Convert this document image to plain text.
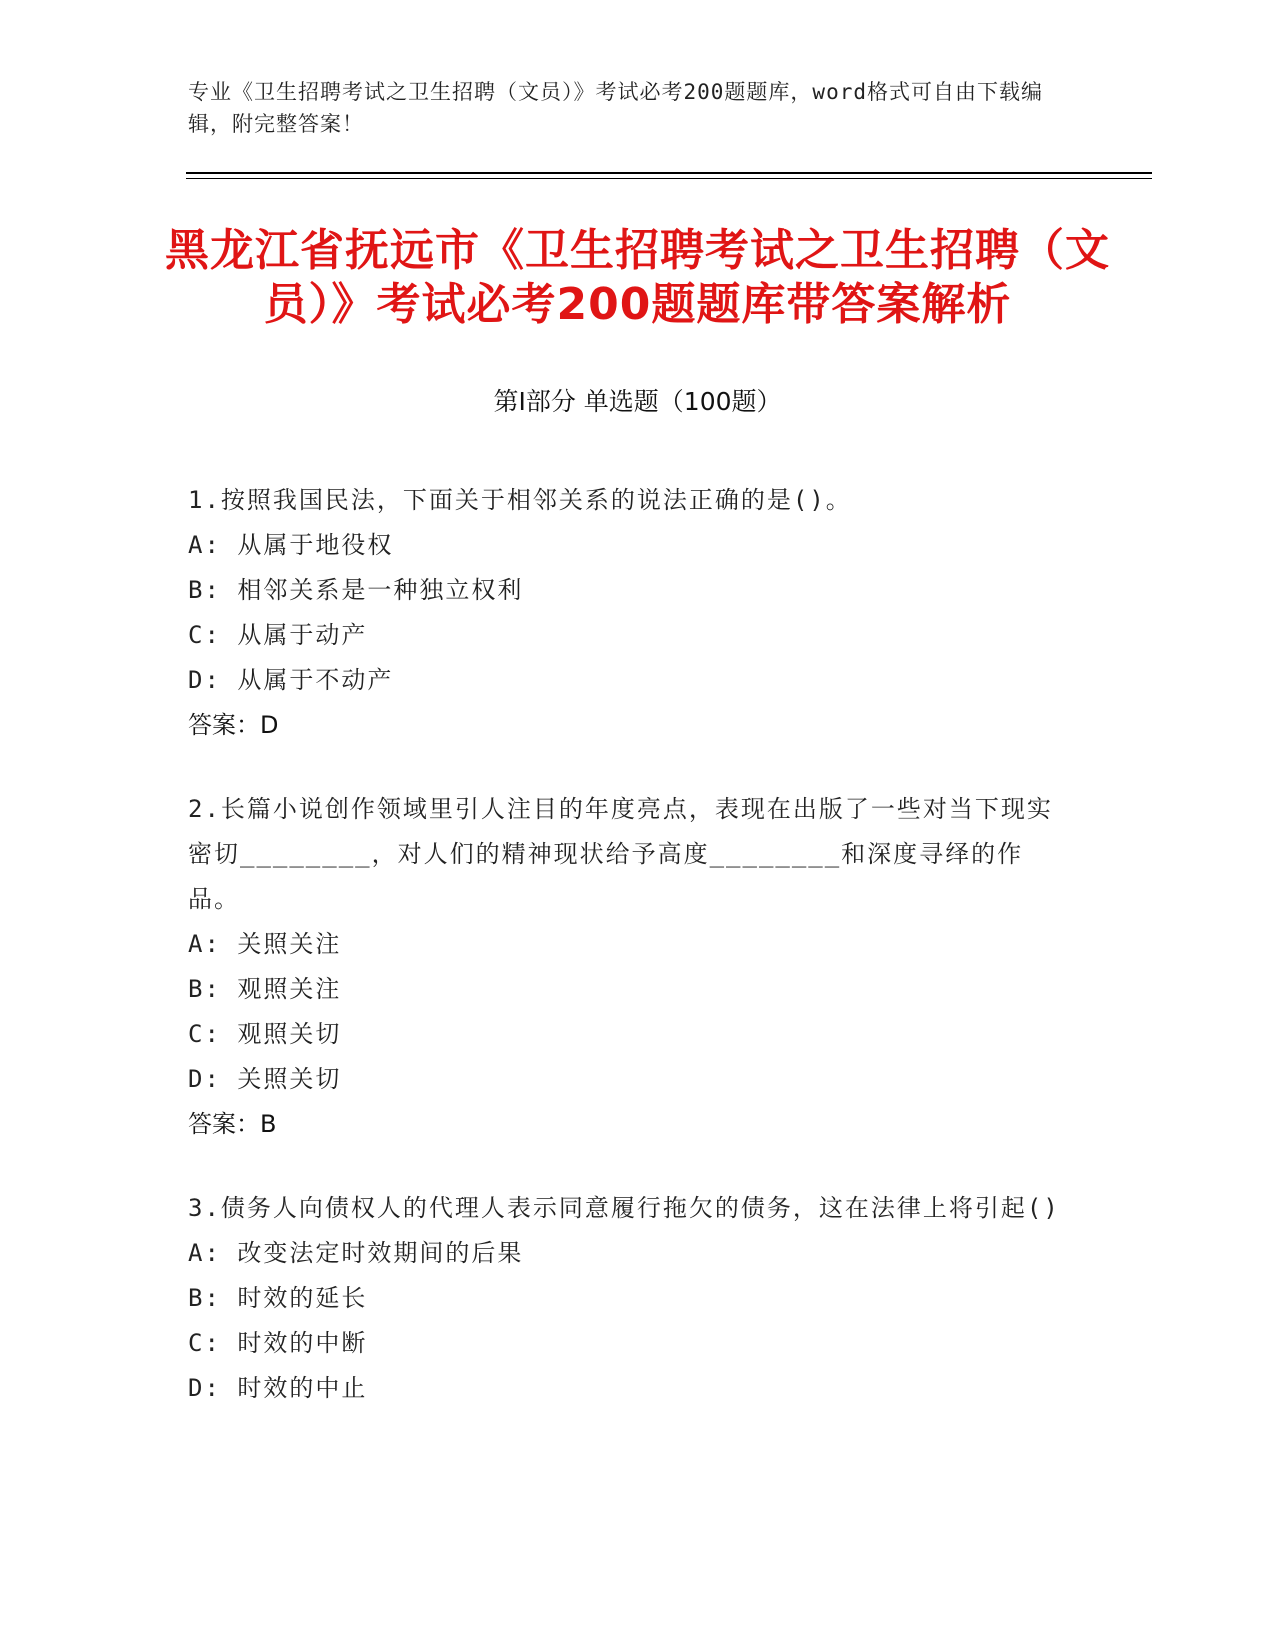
专业《卫生招聘考试之卫生招聘（文员）》考试必考200题题库，word格式可自由下载编辑，附完整答案！
黑龙江省抚远市《卫生招聘考试之卫生招聘（文员）》考试必考200题题库带答案解析
第I部分 单选题（100题）
1.按照我国民法，下面关于相邻关系的说法正确的是()。
A: 从属于地役权
B: 相邻关系是一种独立权利
C: 从属于动产
D: 从属于不动产
答案：D
2.长篇小说创作领域里引人注目的年度亮点，表现在出版了一些对当下现实密切________，对人们的精神现状给予高度________和深度寻绎的作品。
A: 关照关注
B: 观照关注
C: 观照关切
D: 关照关切
答案：B
3.债务人向债权人的代理人表示同意履行拖欠的债务，这在法律上将引起()
A: 改变法定时效期间的后果
B: 时效的延长
C: 时效的中断
D: 时效的中止
